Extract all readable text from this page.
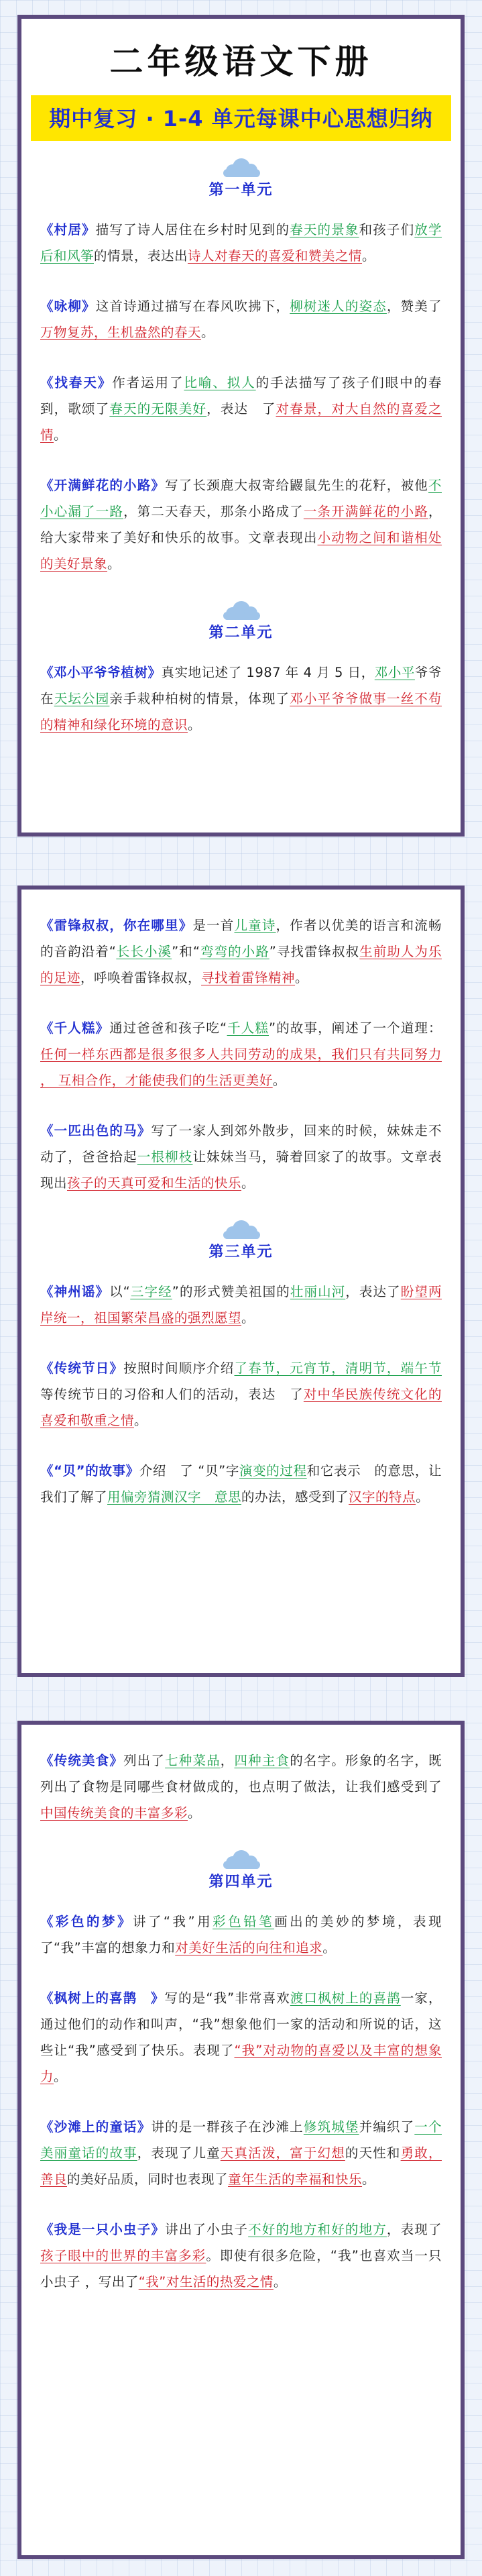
二年级语文下册
期中复习 · 1-4 单元每课中心思想归纳
第一单元

《村居》描写了诗人居住在乡村时见到的春天的景象和孩子们放学后和风筝的情景，表达出诗人对春天的喜爱和赞美之情。

《咏柳》这首诗通过描写在春风吹拂下，柳树迷人的姿态，赞美了万物复苏，生机盎然的春天。

《找春天》作者运用了比喻、拟人的手法描写了孩子们眼中的春到，歌颂了春天的无限美好，表达　了对春景，对大自然的喜爱之情。

《开满鲜花的小路》写了长颈鹿大叔寄给鼹鼠先生的花籽，被他不小心漏了一路，第二天春天，那条小路成了一条开满鲜花的小路，给大家带来了美好和快乐的故事。文章表现出小动物之间和谐相处的美好景象。

第二单元

《邓小平爷爷植树》真实地记述了 1987 年 4 月 5 日，邓小平爷爷在天坛公园亲手栽种柏树的情景，体现了邓小平爷爷做事一丝不苟的精神和绿化环境的意识。

《雷锋叔叔，你在哪里》是一首儿童诗，作者以优美的语言和流畅的音韵沿着“长长小溪”和“弯弯的小路”寻找雷锋叔叔生前助人为乐的足迹，呼唤着雷锋叔叔，寻找着雷锋精神。

《千人糕》通过爸爸和孩子吃“千人糕”的故事，阐述了一个道理：任何一样东西都是很多很多人共同劳动的成果，我们只有共同努力 ， 互相合作，才能使我们的生活更美好。

《一匹出色的马》写了一家人到郊外散步，回来的时候，妹妹走不动了，爸爸拾起一根柳枝让妹妹当马，骑着回家了的故事。文章表现出孩子的天真可爱和生活的快乐。

第三单元

《神州谣》以“三字经”的形式赞美祖国的壮丽山河，表达了盼望两岸统一，祖国繁荣昌盛的强烈愿望。

《传统节日》按照时间顺序介绍了春节，元宵节，清明节，端午节等传统节日的习俗和人们的活动，表达　了对中华民族传统文化的喜爱和敬重之情。

《“贝”的故事》介绍　了 “贝”字演变的过程和它表示　的意思，让我们了解了用偏旁猜测汉字　意思的办法，感受到了汉字的特点。

《传统美食》列出了七种菜品，四种主食的名字。形象的名字，既列出了食物是同哪些食材做成的，也点明了做法，让我们感受到了中国传统美食的丰富多彩。

第四单元

《彩色的梦》讲了“我”用彩色铅笔画出的美妙的梦境，表现了“我”丰富的想象力和对美好生活的向往和追求。

《枫树上的喜鹊　》写的是“我”非常喜欢渡口枫树上的喜鹊一家，通过他们的动作和叫声，“我”想象他们一家的活动和所说的话，这些让“我”感受到了快乐。表现了“我”对动物的喜爱以及丰富的想象力。

《沙滩上的童话》讲的是一群孩子在沙滩上修筑城堡并编织了一个美丽童话的故事，表现了儿童天真活泼，富于幻想的天性和勇敢，善良的美好品质，同时也表现了童年生活的幸福和快乐。

《我是一只小虫子》讲出了小虫子不好的地方和好的地方，表现了孩子眼中的世界的丰富多彩。即使有很多危险，“我”也喜欢当一只小虫子 ，写出了“我”对生活的热爱之情。
